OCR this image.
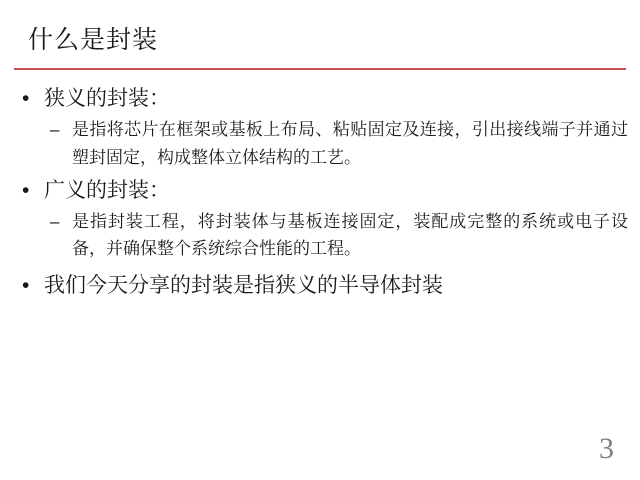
什么是封装
• 狭义的封装：
– 是指将芯片在框架或基板上布局、粘贴固定及连接，引出接线端子并通过塑封固定，构成整体立体结构的工艺。
• 广义的封装：
– 是指封装工程，将封装体与基板连接固定，装配成完整的系统或电子设备，并确保整个系统综合性能的工程。
• 我们今天分享的封装是指狭义的半导体封装
3
